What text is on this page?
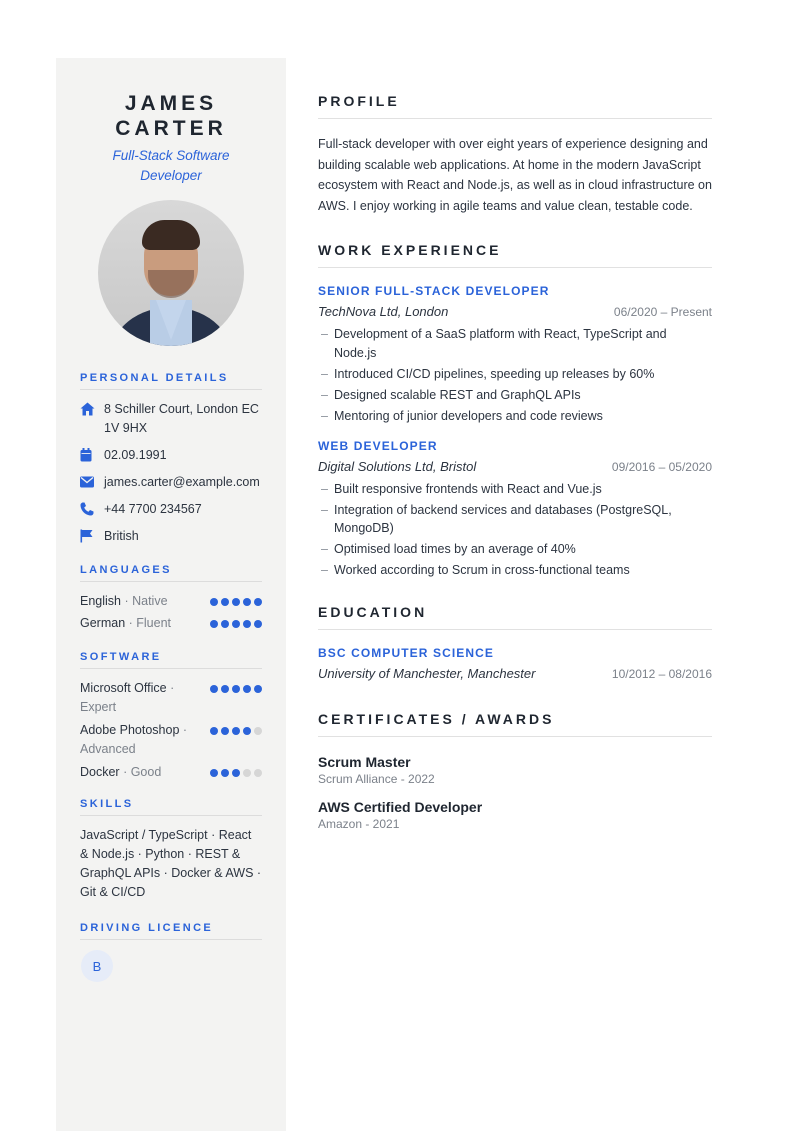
JAMES
CARTER
Full-Stack Software Developer
PERSONAL DETAILS
8 Schiller Court, London EC1V 9HX
02.09.1991
james.carter@example.com
+44 7700 234567
British
LANGUAGES
English · Native
German · Fluent
SOFTWARE
Microsoft Office · Expert
Adobe Photoshop · Advanced
Docker · Good
SKILLS
JavaScript / TypeScript · React & Node.js · Python · REST & GraphQL APIs · Docker & AWS · Git & CI/CD
DRIVING LICENCE
B
PROFILE

Full-stack developer with over eight years of experience designing and building scalable web applications. At home in the modern JavaScript ecosystem with React and Node.js, as well as in cloud infrastructure on AWS. I enjoy working in agile teams and value clean, testable code.

WORK EXPERIENCE
SENIOR FULL-STACK DEVELOPER
TechNova Ltd, London	06/2020 – Present
– Development of a SaaS platform with React, TypeScript and Node.js
– Introduced CI/CD pipelines, speeding up releases by 60%
– Designed scalable REST and GraphQL APIs
– Mentoring of junior developers and code reviews
WEB DEVELOPER
Digital Solutions Ltd, Bristol	09/2016 – 05/2020
– Built responsive frontends with React and Vue.js
– Integration of backend services and databases (PostgreSQL, MongoDB)
– Optimised load times by an average of 40%
– Worked according to Scrum in cross-functional teams
EDUCATION
BSC COMPUTER SCIENCE
University of Manchester, Manchester	10/2012 – 08/2016
CERTIFICATES / AWARDS
Scrum Master
Scrum Alliance - 2022
AWS Certified Developer
Amazon - 2021
